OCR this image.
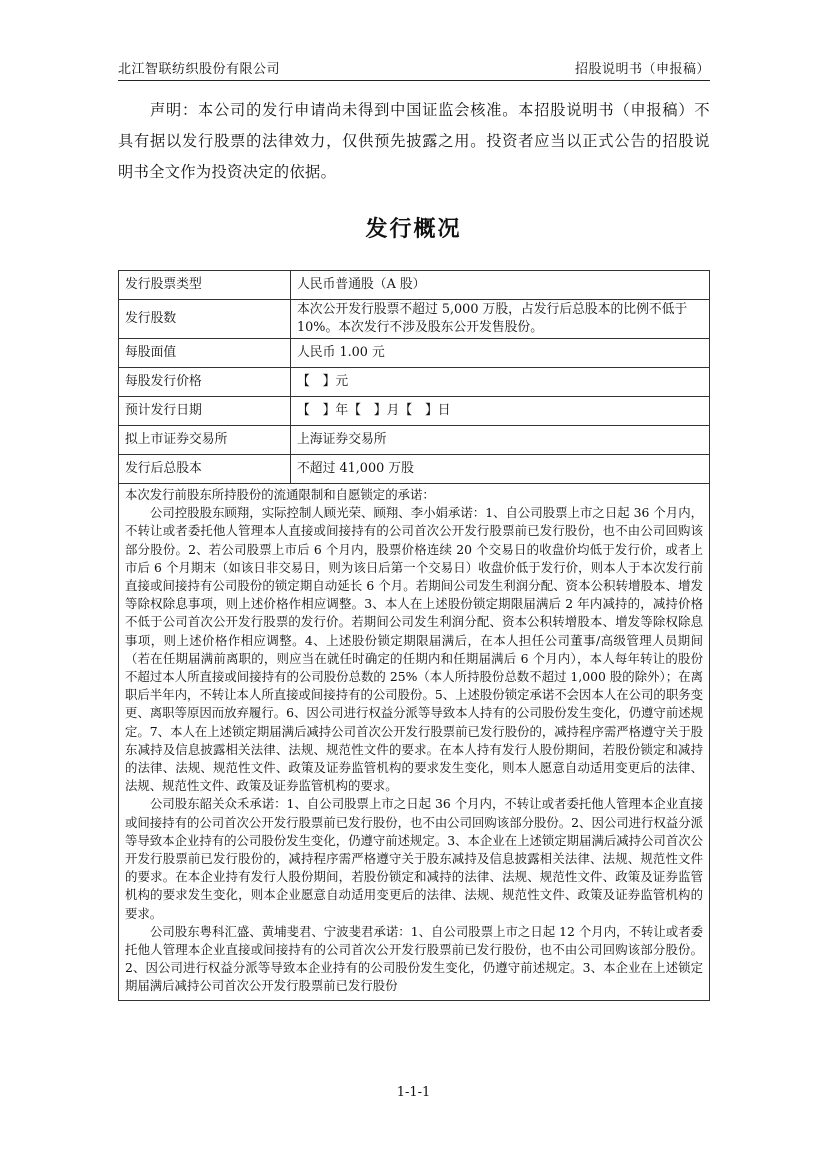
北江智联纺织股份有限公司	招股说明书（申报稿）
声明：本公司的发行申请尚未得到中国证监会核准。本招股说明书（申报稿）不具有据以发行股票的法律效力，仅供预先披露之用。投资者应当以正式公告的招股说明书全文作为投资决定的依据。
发行概况
发行股票类型	人民币普通股（A 股）
发行股数	本次公开发行股票不超过 5,000 万股，占发行后总股本的比例不低于 10%。本次发行不涉及股东公开发售股份。
每股面值	人民币 1.00 元
每股发行价格	【　】元
预计发行日期	【　】年【　】月【　】日
拟上市证券交易所	上海证券交易所
发行后总股本	不超过 41,000 万股

本次发行前股东所持股份的流通限制和自愿锁定的承诺：

公司控股股东顾翔，实际控制人顾光荣、顾翔、李小娟承诺：1、自公司股票上市之日起 36 个月内，不转让或者委托他人管理本人直接或间接持有的公司首次公开发行股票前已发行股份，也不由公司回购该部分股份。2、若公司股票上市后 6 个月内，股票价格连续 20 个交易日的收盘价均低于发行价，或者上市后 6 个月期末（如该日非交易日，则为该日后第一个交易日）收盘价低于发行价，则本人于本次发行前直接或间接持有公司股份的锁定期自动延长 6 个月。若期间公司发生利润分配、资本公积转增股本、增发等除权除息事项，则上述价格作相应调整。3、本人在上述股份锁定期限届满后 2 年内减持的，减持价格不低于公司首次公开发行股票的发行价。若期间公司发生利润分配、资本公积转增股本、增发等除权除息事项，则上述价格作相应调整。4、上述股份锁定期限届满后，在本人担任公司董事/高级管理人员期间（若在任期届满前离职的，则应当在就任时确定的任期内和任期届满后 6 个月内），本人每年转让的股份不超过本人所直接或间接持有的公司股份总数的 25%（本人所持股份总数不超过 1,000 股的除外）；在离职后半年内，不转让本人所直接或间接持有的公司股份。5、上述股份锁定承诺不会因本人在公司的职务变更、离职等原因而放弃履行。6、因公司进行权益分派等导致本人持有的公司股份发生变化，仍遵守前述规定。7、本人在上述锁定期届满后减持公司首次公开发行股票前已发行股份的，减持程序需严格遵守关于股东减持及信息披露相关法律、法规、规范性文件的要求。在本人持有发行人股份期间，若股份锁定和减持的法律、法规、规范性文件、政策及证券监管机构的要求发生变化，则本人愿意自动适用变更后的法律、法规、规范性文件、政策及证券监管机构的要求。

公司股东韶关众禾承诺：1、自公司股票上市之日起 36 个月内，不转让或者委托他人管理本企业直接或间接持有的公司首次公开发行股票前已发行股份，也不由公司回购该部分股份。2、因公司进行权益分派等导致本企业持有的公司股份发生变化，仍遵守前述规定。3、本企业在上述锁定期届满后减持公司首次公开发行股票前已发行股份的，减持程序需严格遵守关于股东减持及信息披露相关法律、法规、规范性文件的要求。在本企业持有发行人股份期间，若股份锁定和减持的法律、法规、规范性文件、政策及证券监管机构的要求发生变化，则本企业愿意自动适用变更后的法律、法规、规范性文件、政策及证券监管机构的要求。

公司股东粤科汇盛、黄埔斐君、宁波斐君承诺：1、自公司股票上市之日起 12 个月内，不转让或者委托他人管理本企业直接或间接持有的公司首次公开发行股票前已发行股份，也不由公司回购该部分股份。2、因公司进行权益分派等导致本企业持有的公司股份发生变化，仍遵守前述规定。3、本企业在上述锁定期届满后减持公司首次公开发行股票前已发行股份	

1-1-1
